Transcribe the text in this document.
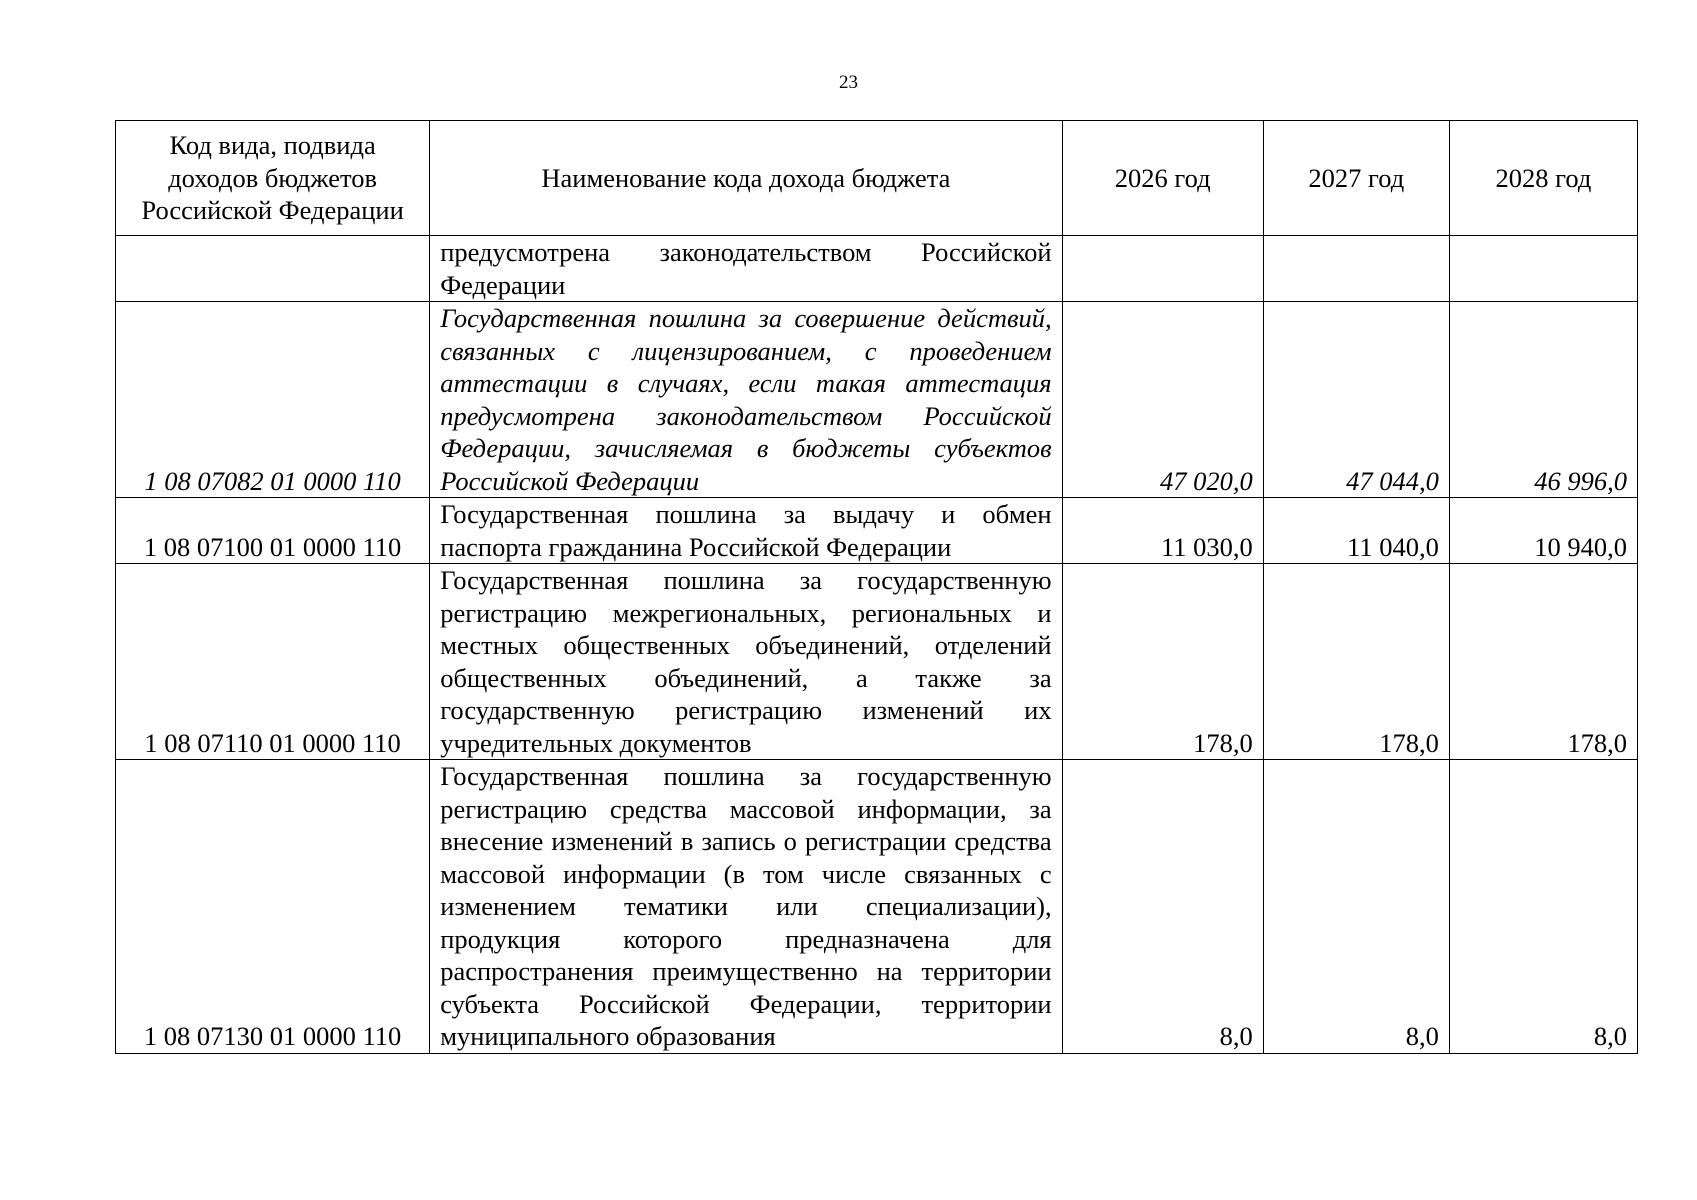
23
Код вида, подвида доходов бюджетов Российской Федерации	Наименование кода дохода бюджета	2026 год	2027 год	2028 год
	предусмотрена законодательством Российской Федерации			
1 08 07082 01 0000 110	Государственная пошлина за совершение действий, связанных с лицензированием, с проведением аттестации в случаях, если такая аттестация предусмотрена законодательством Российской Федерации, зачисляемая в бюджеты субъектов Российской Федерации	47 020,0	47 044,0	46 996,0
1 08 07100 01 0000 110	Государственная пошлина за выдачу и обмен паспорта гражданина Российской Федерации	11 030,0	11 040,0	10 940,0
1 08 07110 01 0000 110	Государственная пошлина за государственную регистрацию межрегиональных, региональных и местных общественных объединений, отделений общественных объединений, а также за государственную регистрацию изменений их учредительных документов	178,0	178,0	178,0
1 08 07130 01 0000 110	Государственная пошлина за государственную регистрацию средства массовой информации, за внесение изменений в запись о регистрации средства массовой информации (в том числе связанных с изменением тематики или специализации), продукция которого предназначена для распространения преимущественно на территории субъекта Российской Федерации, территории муниципального образования	8,0	8,0	8,0
